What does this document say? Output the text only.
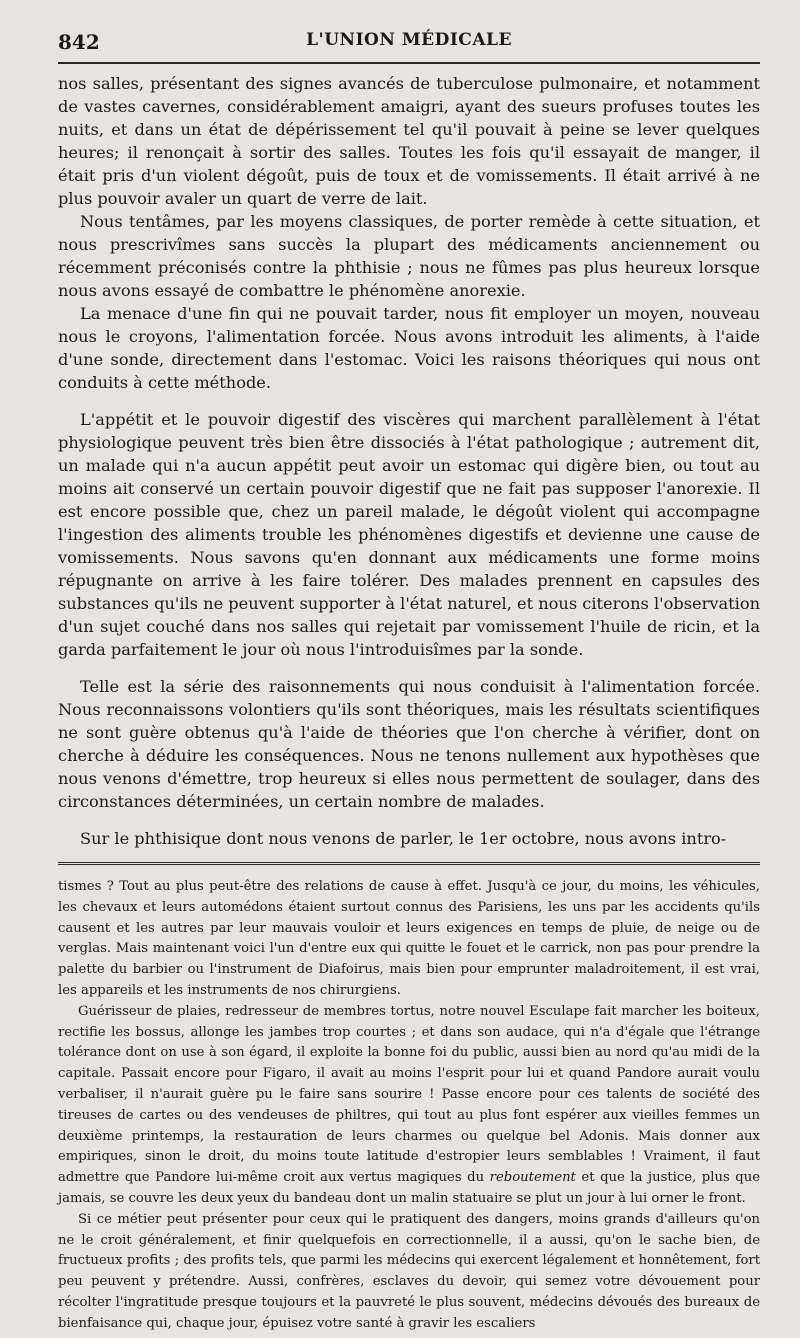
842	L'UNION MÉDICALE

nos salles, présentant des signes avancés de tuberculose pulmonaire, et notamment de vastes cavernes, considérablement amaigri, ayant des sueurs profuses toutes les nuits, et dans un état de dépérissement tel qu'il pouvait à peine se lever quelques heures; il renonçait à sortir des salles. Toutes les fois qu'il essayait de manger, il était pris d'un violent dégoût, puis de toux et de vomissements. Il était arrivé à ne plus pouvoir avaler un quart de verre de lait.

Nous tentâmes, par les moyens classiques, de porter remède à cette situation, et nous prescrivîmes sans succès la plupart des médicaments anciennement ou récemment préconisés contre la phthisie ; nous ne fûmes pas plus heureux lorsque nous avons essayé de combattre le phénomène anorexie.

La menace d'une fin qui ne pouvait tarder, nous fit employer un moyen, nouveau nous le croyons, l'alimentation forcée. Nous avons introduit les aliments, à l'aide d'une sonde, directement dans l'estomac. Voici les raisons théoriques qui nous ont conduits à cette méthode.

L'appétit et le pouvoir digestif des viscères qui marchent parallèlement à l'état physiologique peuvent très bien être dissociés à l'état pathologique ; autrement dit, un malade qui n'a aucun appétit peut avoir un estomac qui digère bien, ou tout au moins ait conservé un certain pouvoir digestif que ne fait pas supposer l'anorexie. Il est encore possible que, chez un pareil malade, le dégoût violent qui accompagne l'ingestion des aliments trouble les phénomènes digestifs et devienne une cause de vomissements. Nous savons qu'en donnant aux médicaments une forme moins répugnante on arrive à les faire tolérer. Des malades prennent en capsules des substances qu'ils ne peuvent supporter à l'état naturel, et nous citerons l'observation d'un sujet couché dans nos salles qui rejetait par vomissement l'huile de ricin, et la garda parfaitement le jour où nous l'introduisîmes par la sonde.

Telle est la série des raisonnements qui nous conduisit à l'alimentation forcée. Nous reconnaissons volontiers qu'ils sont théoriques, mais les résultats scientifiques ne sont guère obtenus qu'à l'aide de théories que l'on cherche à vérifier, dont on cherche à déduire les conséquences. Nous ne tenons nullement aux hypothèses que nous venons d'émettre, trop heureux si elles nous permettent de soulager, dans des circonstances déterminées, un certain nombre de malades.

Sur le phthisique dont nous venons de parler, le 1er octobre, nous avons intro-

tismes ? Tout au plus peut-être des relations de cause à effet. Jusqu'à ce jour, du moins, les véhicules, les chevaux et leurs automédons étaient surtout connus des Parisiens, les uns par les accidents qu'ils causent et les autres par leur mauvais vouloir et leurs exigences en temps de pluie, de neige ou de verglas. Mais maintenant voici l'un d'entre eux qui quitte le fouet et le carrick, non pas pour prendre la palette du barbier ou l'instrument de Diafoirus, mais bien pour emprunter maladroitement, il est vrai, les appareils et les instruments de nos chirurgiens.

Guérisseur de plaies, redresseur de membres tortus, notre nouvel Esculape fait marcher les boiteux, rectifie les bossus, allonge les jambes trop courtes ; et dans son audace, qui n'a d'égale que l'étrange tolérance dont on use à son égard, il exploite la bonne foi du public, aussi bien au nord qu'au midi de la capitale. Passait encore pour Figaro, il avait au moins l'esprit pour lui et quand Pandore aurait voulu verbaliser, il n'aurait guère pu le faire sans sourire ! Passe encore pour ces talents de société des tireuses de cartes ou des vendeuses de philtres, qui tout au plus font espérer aux vieilles femmes un deuxième printemps, la restauration de leurs charmes ou quelque bel Adonis. Mais donner aux empiriques, sinon le droit, du moins toute latitude d'estropier leurs semblables ! Vraiment, il faut admettre que Pandore lui-même croit aux vertus magiques du reboutement et que la justice, plus que jamais, se couvre les deux yeux du bandeau dont un malin statuaire se plut un jour à lui orner le front.

Si ce métier peut présenter pour ceux qui le pratiquent des dangers, moins grands d'ailleurs qu'on ne le croit généralement, et finir quelquefois en correctionnelle, il a aussi, qu'on le sache bien, de fructueux profits ; des profits tels, que parmi les médecins qui exercent légalement et honnêtement, fort peu peuvent y prétendre. Aussi, confrères, esclaves du devoir, qui semez votre dévouement pour récolter l'ingratitude presque toujours et la pauvreté le plus souvent, médecins dévoués des bureaux de bienfaisance qui, chaque jour, épuisez votre santé à gravir les escaliers
